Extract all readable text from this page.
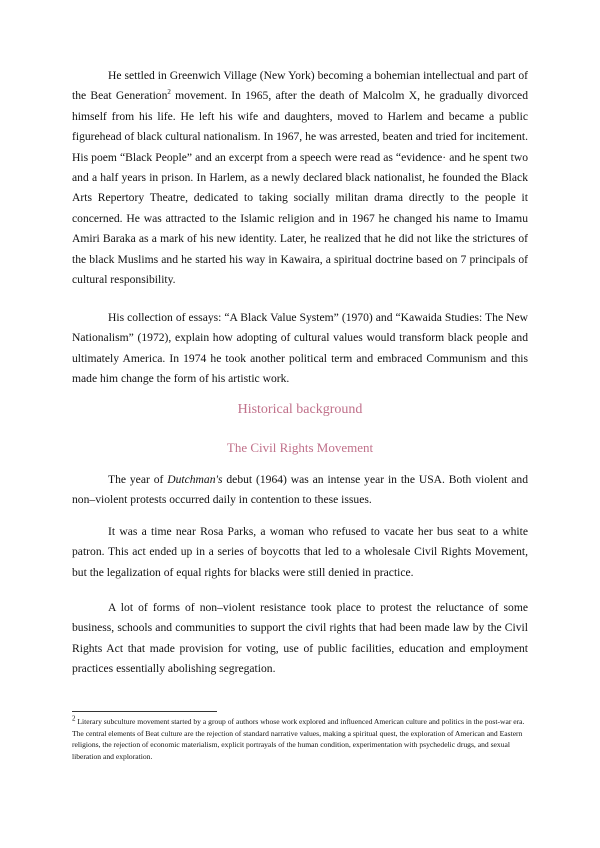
He settled in Greenwich Village (New York) becoming a bohemian intellectual and part of the Beat Generation$^2$ movement. In 1965, after the death of Malcolm X, he gradually divorced himself from his life. He left his wife and daughters, moved to Harlem and became a public figurehead of black cultural nationalism. In 1967, he was arrested, beaten and tried for incitement. His poem “Black People” and an excerpt from a speech were read as “evidence· and he spent two and a half years in prison. In Harlem, as a newly declared black nationalist, he founded the Black Arts Repertory Theatre, dedicated to taking socially militan drama directly to the people it concerned. He was attracted to the Islamic religion and in 1967 he changed his name to Imamu Amiri Baraka as a mark of his new identity. Later, he realized that he did not like the strictures of the black Muslims and he started his way in Kawaira, a spiritual doctrine based on 7 principals of cultural responsibility.

His collection of essays: “A Black Value System” (1970) and “Kawaida Studies: The New Nationalism” (1972), explain how adopting of cultural values would transform black people and ultimately America. In 1974 he took another political term and embraced Communism and this made him change the form of his artistic work.

Historical background
The Civil Rights Movement

The year of Dutchman's debut (1964) was an intense year in the USA. Both violent and non–violent protests occurred daily in contention to these issues.

It was a time near Rosa Parks, a woman who refused to vacate her bus seat to a white patron. This act ended up in a series of boycotts that led to a wholesale Civil Rights Movement, but the legalization of equal rights for blacks were still denied in practice.

A lot of forms of non–violent resistance took place to protest the reluctance of some business, schools and communities to support the civil rights that had been made law by the Civil Rights Act that made provision for voting, use of public facilities, education and employment practices essentially abolishing segregation.

$^2$ Literary subculture movement started by a group of authors whose work explored and influenced American culture and politics in the post-war era. The central elements of Beat culture are the rejection of standard narrative values, making a spiritual quest, the exploration of American and Eastern religions, the rejection of economic materialism, explicit portrayals of the human condition, experimentation with psychedelic drugs, and sexual liberation and exploration.
